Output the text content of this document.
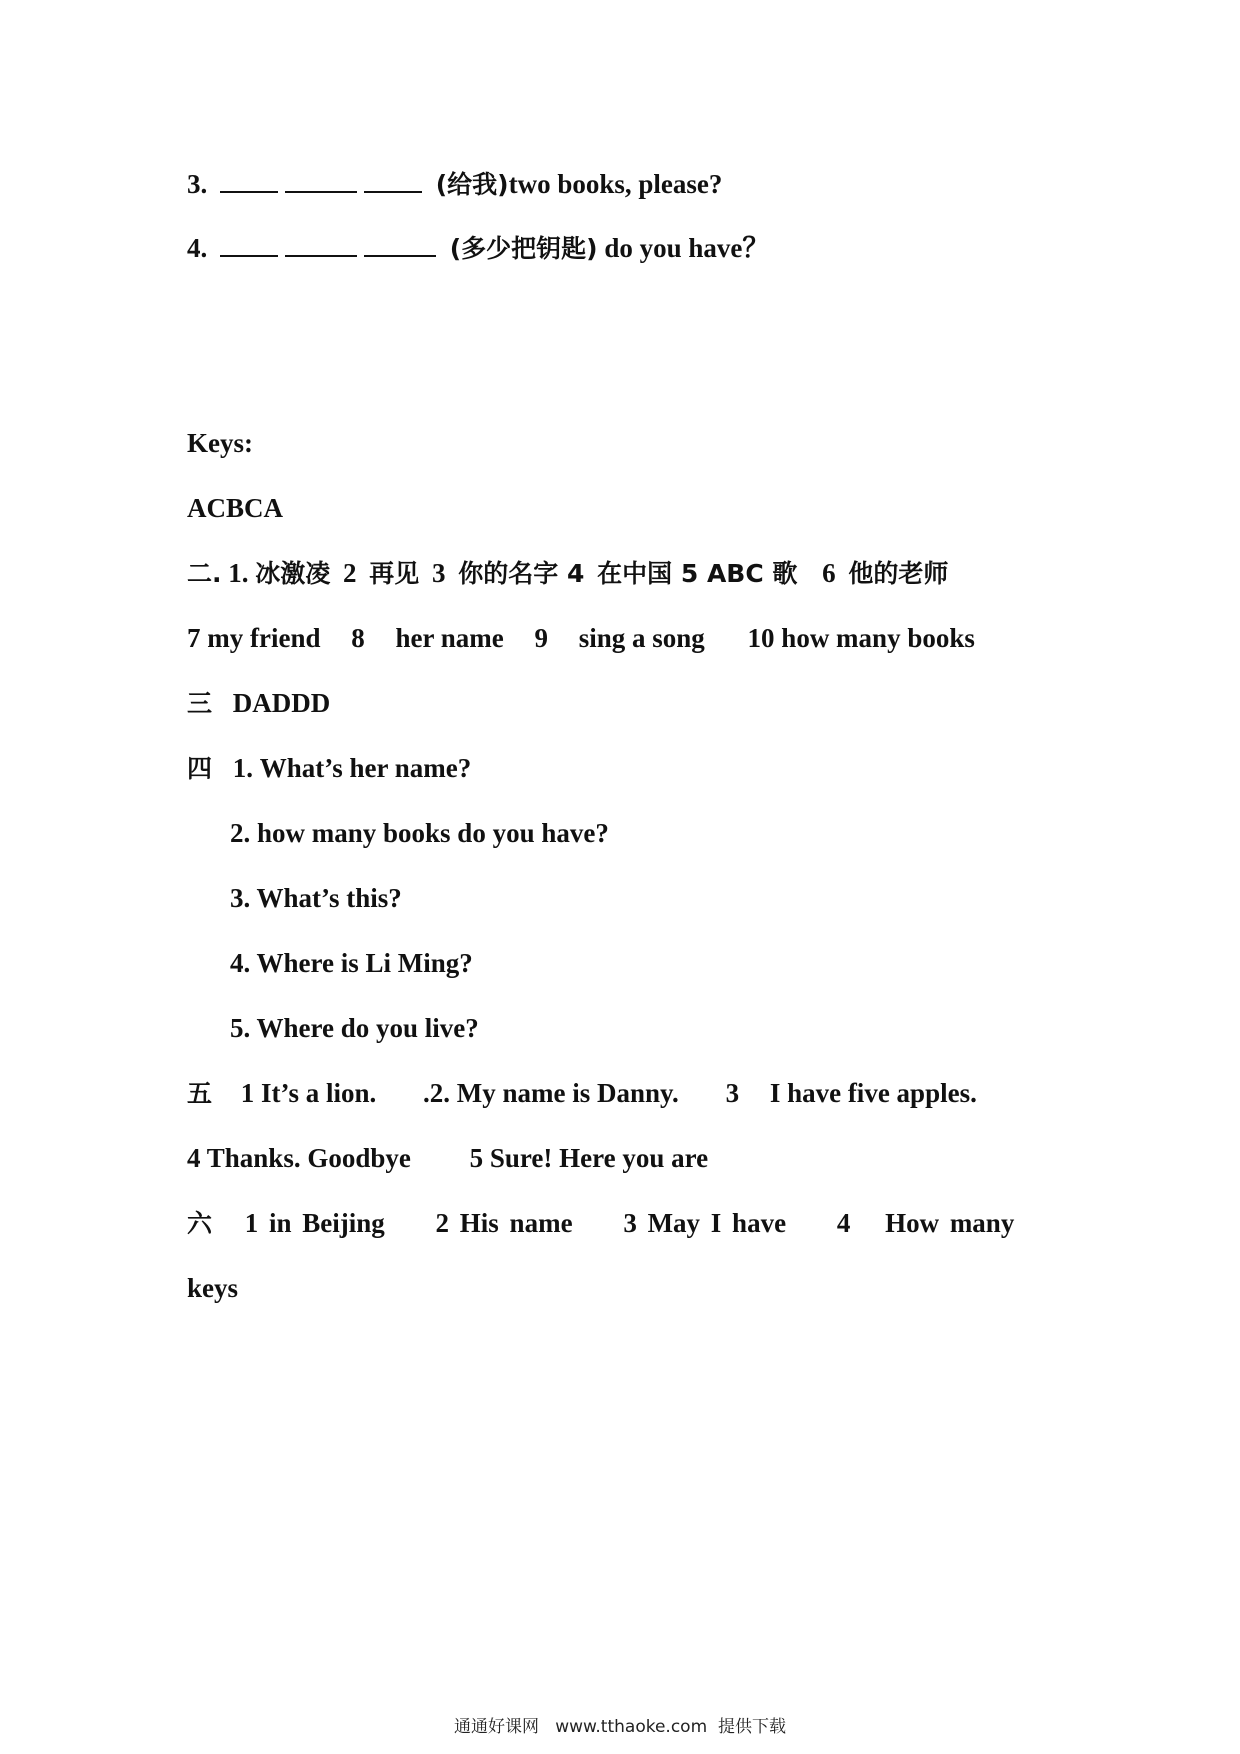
3.	(给我)two books, please?
4.	(多少把钥匙) do you have？
Keys:
ACBCA
二. 1. 冰激凌 2 再见 3 你的名字 4 在中国 5 ABC 歌 6 他的老师
7 my friend 8 her name 9 sing a song 10 how many books
三 DADDD
四 1. What’s her name?
2. how many books do you have?
3. What’s this?
4. Where is Li Ming?
5. Where do you live?
五 1 It’s a lion. .2. My name is Danny. 3 I have five apples.
4 Thanks. Goodbye 5 Sure! Here you are
六 1 in Beijing 2 His name 3 May I have 4 How many
keys
通通好课网   www.tthaoke.com  提供下载
